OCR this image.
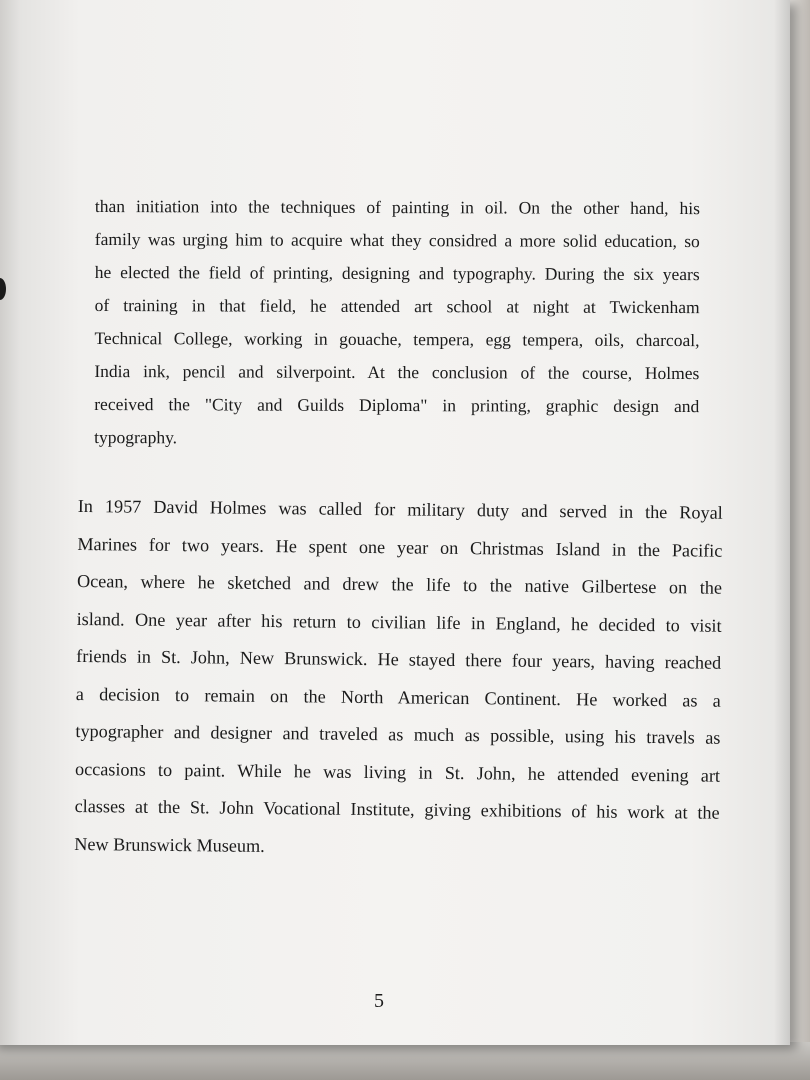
than initiation into the techniques of painting in oil. On the other hand, his
family was urging him to acquire what they considred a more solid education, so
he elected the field of printing, designing and typography. During the six years
of training in that field, he attended art school at night at Twickenham
Technical College, working in gouache, tempera, egg tempera, oils, charcoal,
India ink, pencil and silverpoint. At the conclusion of the course, Holmes
received the "City and Guilds Diploma" in printing, graphic design and
typography.
In 1957 David Holmes was called for military duty and served in the Royal
Marines for two years. He spent one year on Christmas Island in the Pacific
Ocean, where he sketched and drew the life to the native Gilbertese on the
island. One year after his return to civilian life in England, he decided to visit
friends in St. John, New Brunswick. He stayed there four years, having reached
a decision to remain on the North American Continent. He worked as a
typographer and designer and traveled as much as possible, using his travels as
occasions to paint. While he was living in St. John, he attended evening art
classes at the St. John Vocational Institute, giving exhibitions of his work at the
New Brunswick Museum.
5
